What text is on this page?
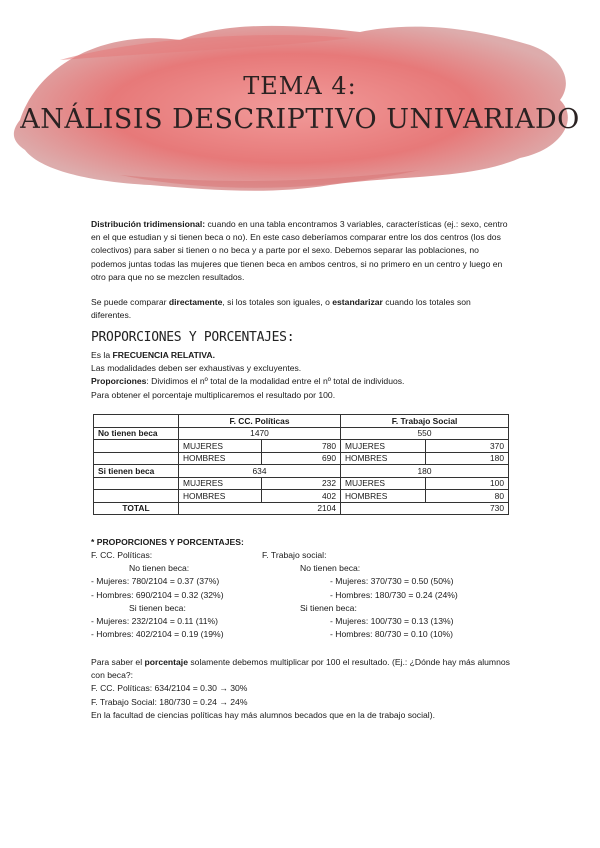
TEMA 4:
ANÁLISIS DESCRIPTIVO UNIVARIADO

Distribución tridimensional: cuando en una tabla encontramos 3 variables, características (ej.: sexo, centro en el que estudian y si tienen beca o no). En este caso deberíamos comparar entre los dos centros (los dos colectivos) para saber si tienen o no beca y a parte por el sexo. Debemos separar las poblaciones, no podemos juntas todas las mujeres que tienen beca en ambos centros, si no primero en un centro y luego en otro para que no se mezclen resultados.

Se puede comparar directamente, si los totales son iguales, o estandarizar cuando los totales son diferentes.

PROPORCIONES Y PORCENTAJES:

Es la FRECUENCIA RELATIVA.

Las modalidades deben ser exhaustivas y excluyentes.

Proporciones: Dividimos el nº total de la modalidad entre el nº total de individuos.

Para obtener el porcentaje multiplicaremos el resultado por 100.

	F. CC. Políticas		F. Trabajo Social	
No tienen beca	1470		550	
	MUJERES	780	MUJERES	370
	HOMBRES	690	HOMBRES	180
Si tienen beca	634		180	
	MUJERES	232	MUJERES	100
	HOMBRES	402	HOMBRES	80
TOTAL	2104		730	

* PROPORCIONES Y PORCENTAJES:

F. CC. Políticas:
No tienen beca:
- Mujeres: 780/2104 = 0.37 (37%)
- Hombres: 690/2104 = 0.32 (32%)
Si tienen beca:
- Mujeres: 232/2104 = 0.11 (11%)
- Hombres: 402/2104 = 0.19 (19%)
F. Trabajo social:
No tienen beca:
- Mujeres: 370/730 = 0.50 (50%)
- Hombres: 180/730 = 0.24 (24%)
Si tienen beca:
- Mujeres: 100/730 = 0.13 (13%)
- Hombres: 80/730 = 0.10 (10%)

Para saber el porcentaje solamente debemos multiplicar por 100 el resultado. (Ej.: ¿Dónde hay más alumnos con beca?:

F. CC. Políticas: 634/2104 = 0.30 → 30%

F. Trabajo Social: 180/730 = 0.24 → 24%

En la facultad de ciencias políticas hay más alumnos becados que en la de trabajo social).
